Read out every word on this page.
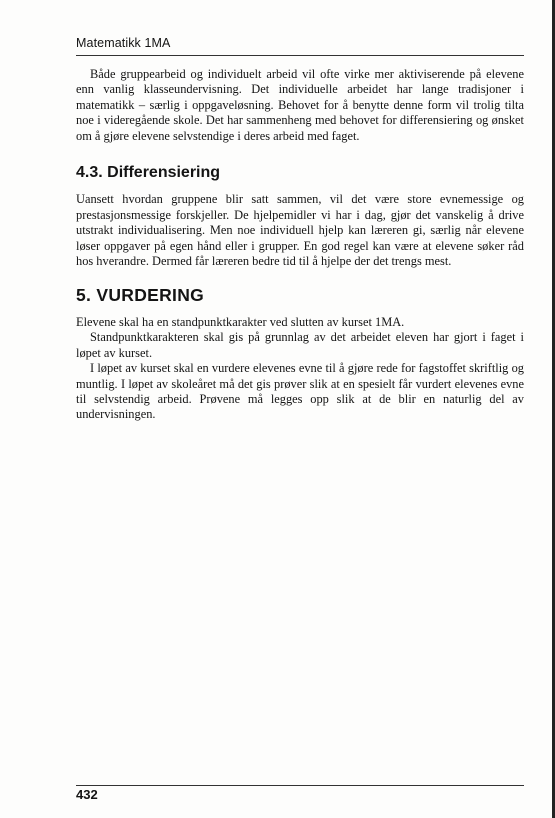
Matematikk 1MA

Både gruppearbeid og individuelt arbeid vil ofte virke mer aktiviserende på elevene enn vanlig klasseundervisning. Det individuelle arbeidet har lange tradisjoner i matematikk – særlig i oppgaveløsning. Behovet for å benytte denne form vil trolig tilta noe i videregående skole. Det har sammenheng med behovet for differensiering og ønsket om å gjøre elevene selvstendige i deres arbeid med faget.

4.3. Differensiering

Uansett hvordan gruppene blir satt sammen, vil det være store evnemessige og prestasjonsmessige forskjeller. De hjelpemidler vi har i dag, gjør det vanskelig å drive utstrakt individualisering. Men noe individuell hjelp kan læreren gi, særlig når elevene løser oppgaver på egen hånd eller i grupper. En god regel kan være at elevene søker råd hos hverandre. Dermed får læreren bedre tid til å hjelpe der det trengs mest.

5. VURDERING

Elevene skal ha en standpunktkarakter ved slutten av kurset 1MA.

Standpunktkarakteren skal gis på grunnlag av det arbeidet eleven har gjort i faget i løpet av kurset.

I løpet av kurset skal en vurdere elevenes evne til å gjøre rede for fagstoffet skriftlig og muntlig. I løpet av skoleåret må det gis prøver slik at en spesielt får vurdert elevenes evne til selvstendig arbeid. Prøvene må legges opp slik at de blir en naturlig del av undervisningen.

432
